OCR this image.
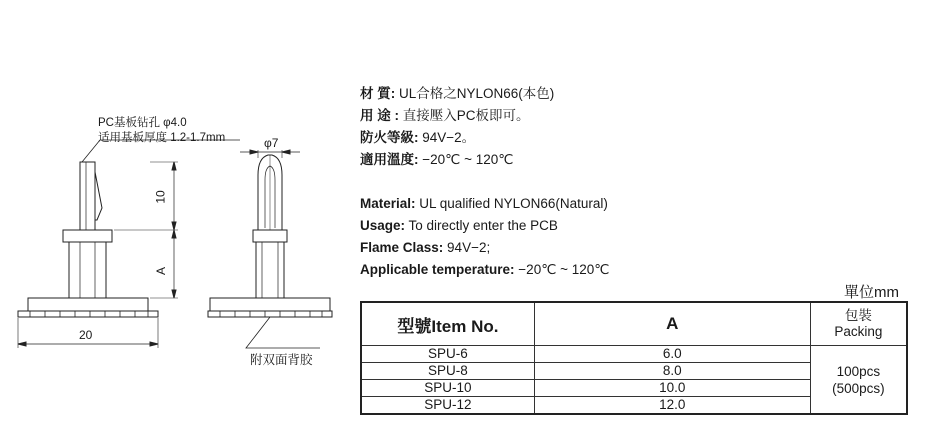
PC基板钻孔 φ4.0
适用基板厚度 1.2-1.7mm
10
A
20
φ7
附双面背胶
材 質: UL合格之NYLON66(本色)
用 途 : 直接壓入PC板即可。
防火等級: 94V−2。
適用溫度: −20℃ ~ 120℃
Material: UL qualified NYLON66(Natural)
Usage: To directly enter the PCB
Flame Class: 94V−2;
Applicable temperature: −20℃ ~ 120℃
單位mm
型號Item No.	A	包裝
Packing

SPU-6	6.0	100pcs
(500pcs)

SPU-8	8.0	
SPU-10	10.0	
SPU-12	12.0	
